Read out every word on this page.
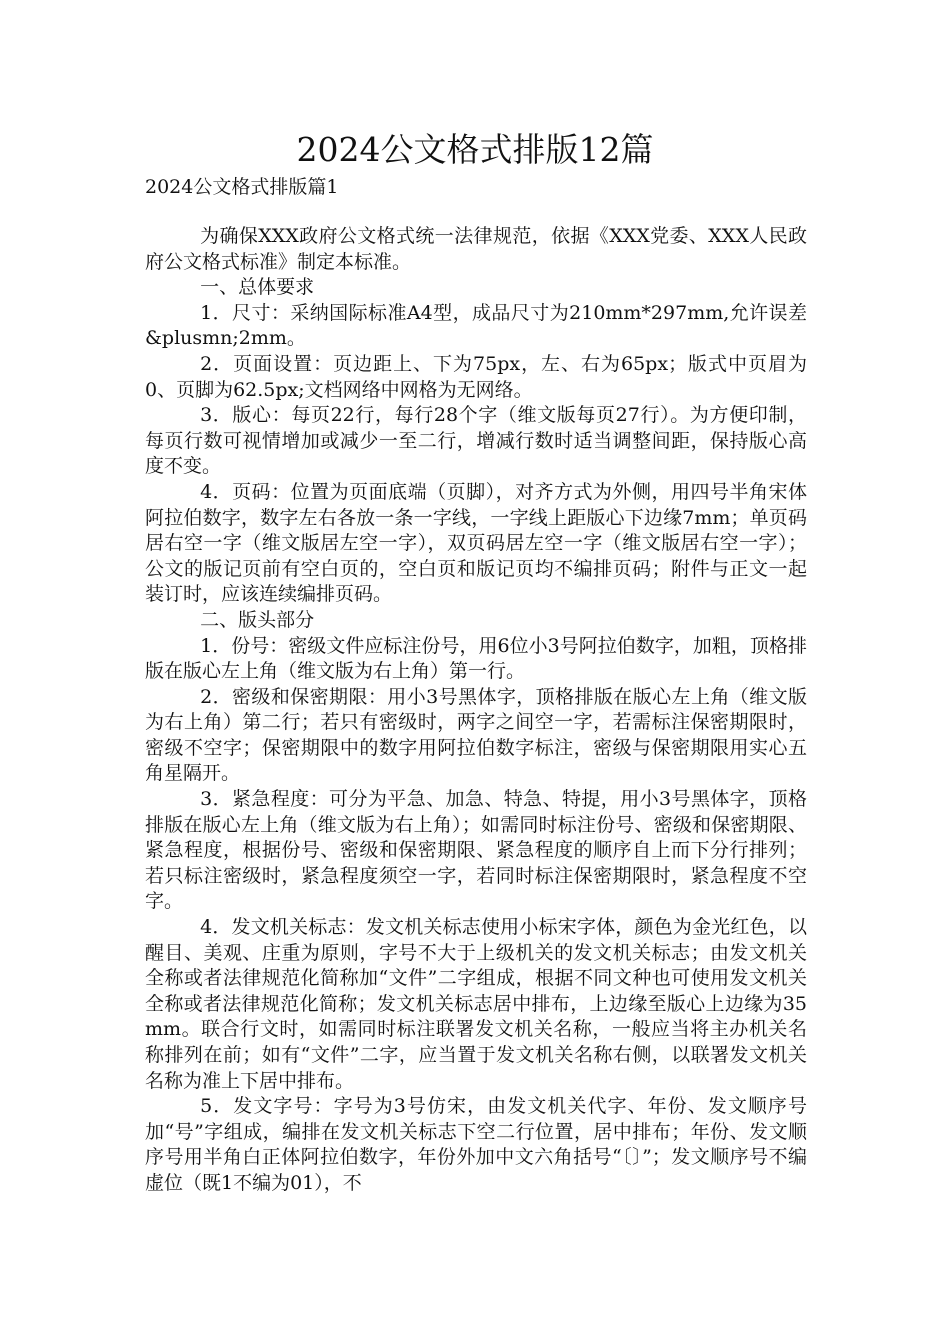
2024公文格式排版12篇
2024公文格式排版篇1

为确保XXX政府公文格式统一法律规范，依据《XXX党委、XXX人民政府公文格式标准》制定本标准。

一、总体要求

1．尺寸：采纳国际标准A4型，成品尺寸为210mm*297mm,允许误差&plusmn;2mm。

2．页面设置：页边距上、下为75px，左、右为65px；版式中页眉为0、页脚为62.5px;文档网络中网格为无网络。

3．版心：每页22行，每行28个字（维文版每页27行）。为方便印制，每页行数可视情增加或减少一至二行，增减行数时适当调整间距，保持版心高度不变。

4．页码：位置为页面底端（页脚），对齐方式为外侧，用四号半角宋体阿拉伯数字，数字左右各放一条一字线，一字线上距版心下边缘7mm；单页码居右空一字（维文版居左空一字），双页码居左空一字（维文版居右空一字）；公文的版记页前有空白页的，空白页和版记页均不编排页码；附件与正文一起装订时，应该连续编排页码。

二、版头部分

1．份号：密级文件应标注份号，用6位小3号阿拉伯数字，加粗，顶格排版在版心左上角（维文版为右上角）第一行。

2．密级和保密期限：用小3号黑体字，顶格排版在版心左上角（维文版为右上角）第二行；若只有密级时，两字之间空一字，若需标注保密期限时，密级不空字；保密期限中的数字用阿拉伯数字标注，密级与保密期限用实心五角星隔开。

3．紧急程度：可分为平急、加急、特急、特提，用小3号黑体字，顶格排版在版心左上角（维文版为右上角）；如需同时标注份号、密级和保密期限、紧急程度，根据份号、密级和保密期限、紧急程度的顺序自上而下分行排列；若只标注密级时，紧急程度须空一字，若同时标注保密期限时，紧急程度不空字。

4．发文机关标志：发文机关标志使用小标宋字体，颜色为金光红色，以醒目、美观、庄重为原则，字号不大于上级机关的发文机关标志；由发文机关全称或者法律规范化简称加“文件”二字组成，根据不同文种也可使用发文机关全称或者法律规范化简称；发文机关标志居中排布，上边缘至版心上边缘为35mm。联合行文时，如需同时标注联署发文机关名称，一般应当将主办机关名称排列在前；如有“文件”二字，应当置于发文机关名称右侧，以联署发文机关名称为准上下居中排布。

5．发文字号：字号为3号仿宋，由发文机关代字、年份、发文顺序号加“号”字组成，编排在发文机关标志下空二行位置，居中排布；年份、发文顺序号用半角白正体阿拉伯数字，年份外加中文六角括号“〔〕”；发文顺序号不编虚位（既1不编为01），不
